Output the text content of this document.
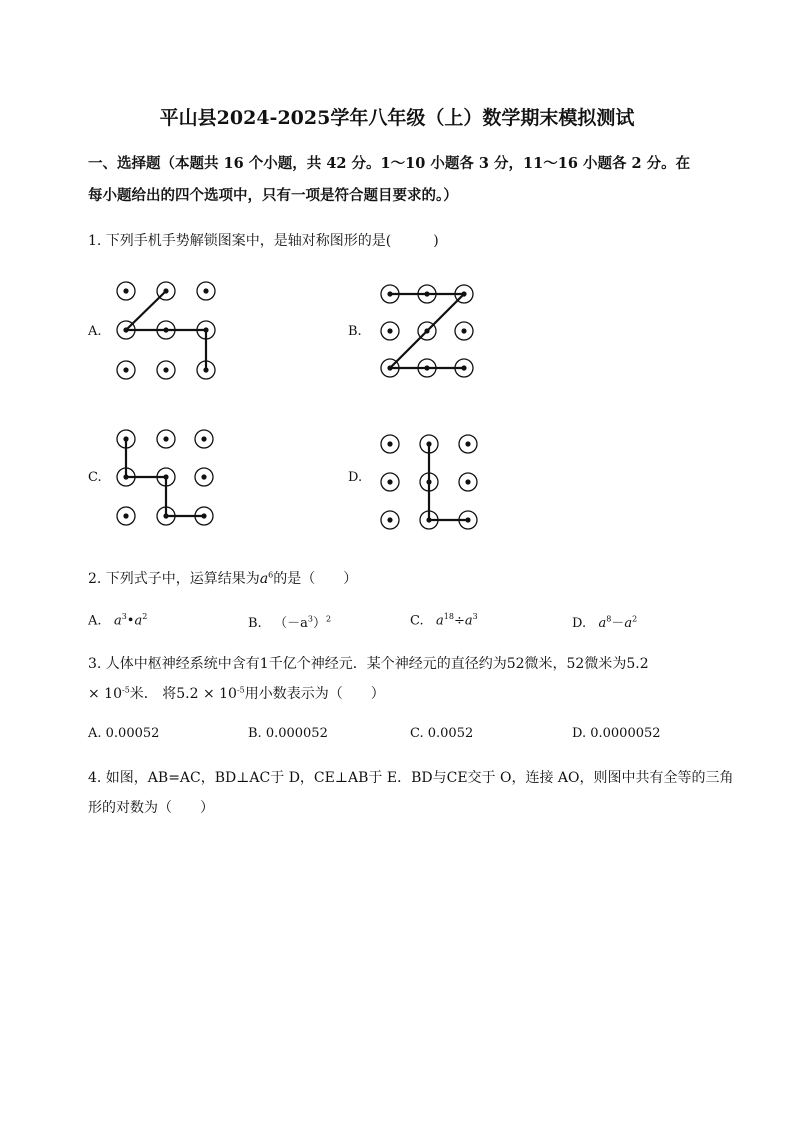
平山县2024-2025学年八年级（上）数学期末模拟测试
一、选择题（本题共 16 个小题，共 42 分。1～10 小题各 3 分，11～16 小题各 2 分。在
每小题给出的四个选项中，只有一项是符合题目要求的。）
1. 下列手机手势解锁图案中，是轴对称图形的是(　　　)
A.	B.
C.	D.
2. 下列式子中，运算结果为$a^6$的是（　　）
A. $a^3•a^2$	B. $(-a^3)^2$	C. $a^{18}\div a^3$	D. $a^8-a^2$
3. 人体中枢神经系统中含有1千亿个神经元．某个神经元的直径约为52微米，52微米为5.2
× $10^{-5}$米． 将$5.2 \times 10^{-5}$用小数表示为（　　）
A. 0.00052	B. 0.000052	C. 0.0052	D. 0.0000052
4. 如图，AB=AC，BD⊥AC于 D，CE⊥AB于 E．BD与CE交于 O，连接 AO，则图中共有全等的三角
形的对数为（　　）
